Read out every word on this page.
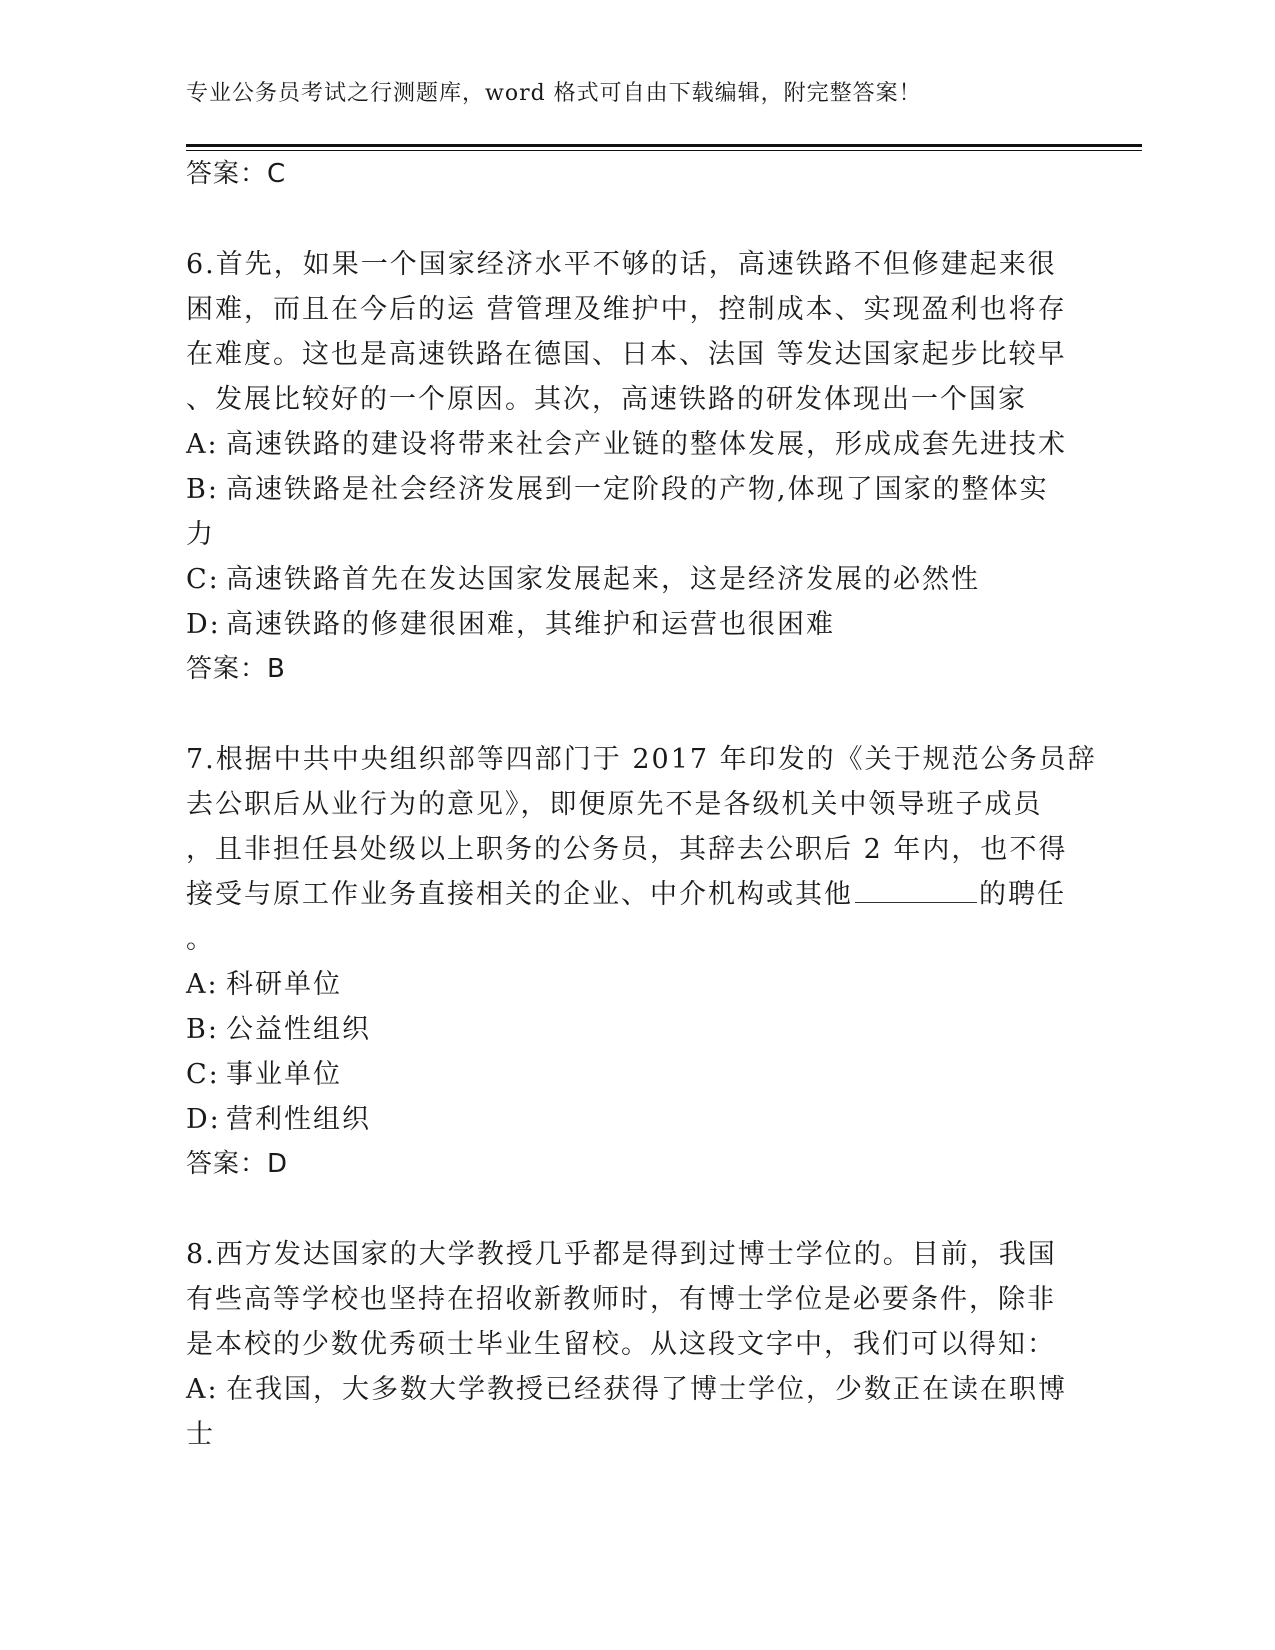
专业公务员考试之行测题库，word 格式可自由下载编辑，附完整答案！
答案：C
6.首先，如果一个国家经济水平不够的话，高速铁路不但修建起来很
困难，而且在今后的运 营管理及维护中，控制成本、实现盈利也将存
在难度。这也是高速铁路在德国、日本、法国 等发达国家起步比较早
、发展比较好的一个原因。其次，高速铁路的研发体现出一个国家
A: 高速铁路的建设将带来社会产业链的整体发展，形成成套先进技术
B: 高速铁路是社会经济发展到一定阶段的产物,体现了国家的整体实
力
C: 高速铁路首先在发达国家发展起来，这是经济发展的必然性
D: 高速铁路的修建很困难，其维护和运营也很困难
答案：B
7.根据中共中央组织部等四部门于 2017 年印发的《关于规范公务员辞
去公职后从业行为的意见》，即便原先不是各级机关中领导班子成员
，且非担任县处级以上职务的公务员，其辞去公职后 2 年内，也不得
接受与原工作业务直接相关的企业、中介机构或其他	的聘任
。
A: 科研单位
B: 公益性组织
C: 事业单位
D: 营利性组织
答案：D
8.西方发达国家的大学教授几乎都是得到过博士学位的。目前，我国
有些高等学校也坚持在招收新教师时，有博士学位是必要条件，除非
是本校的少数优秀硕士毕业生留校。从这段文字中，我们可以得知：
A: 在我国，大多数大学教授已经获得了博士学位，少数正在读在职博
士
